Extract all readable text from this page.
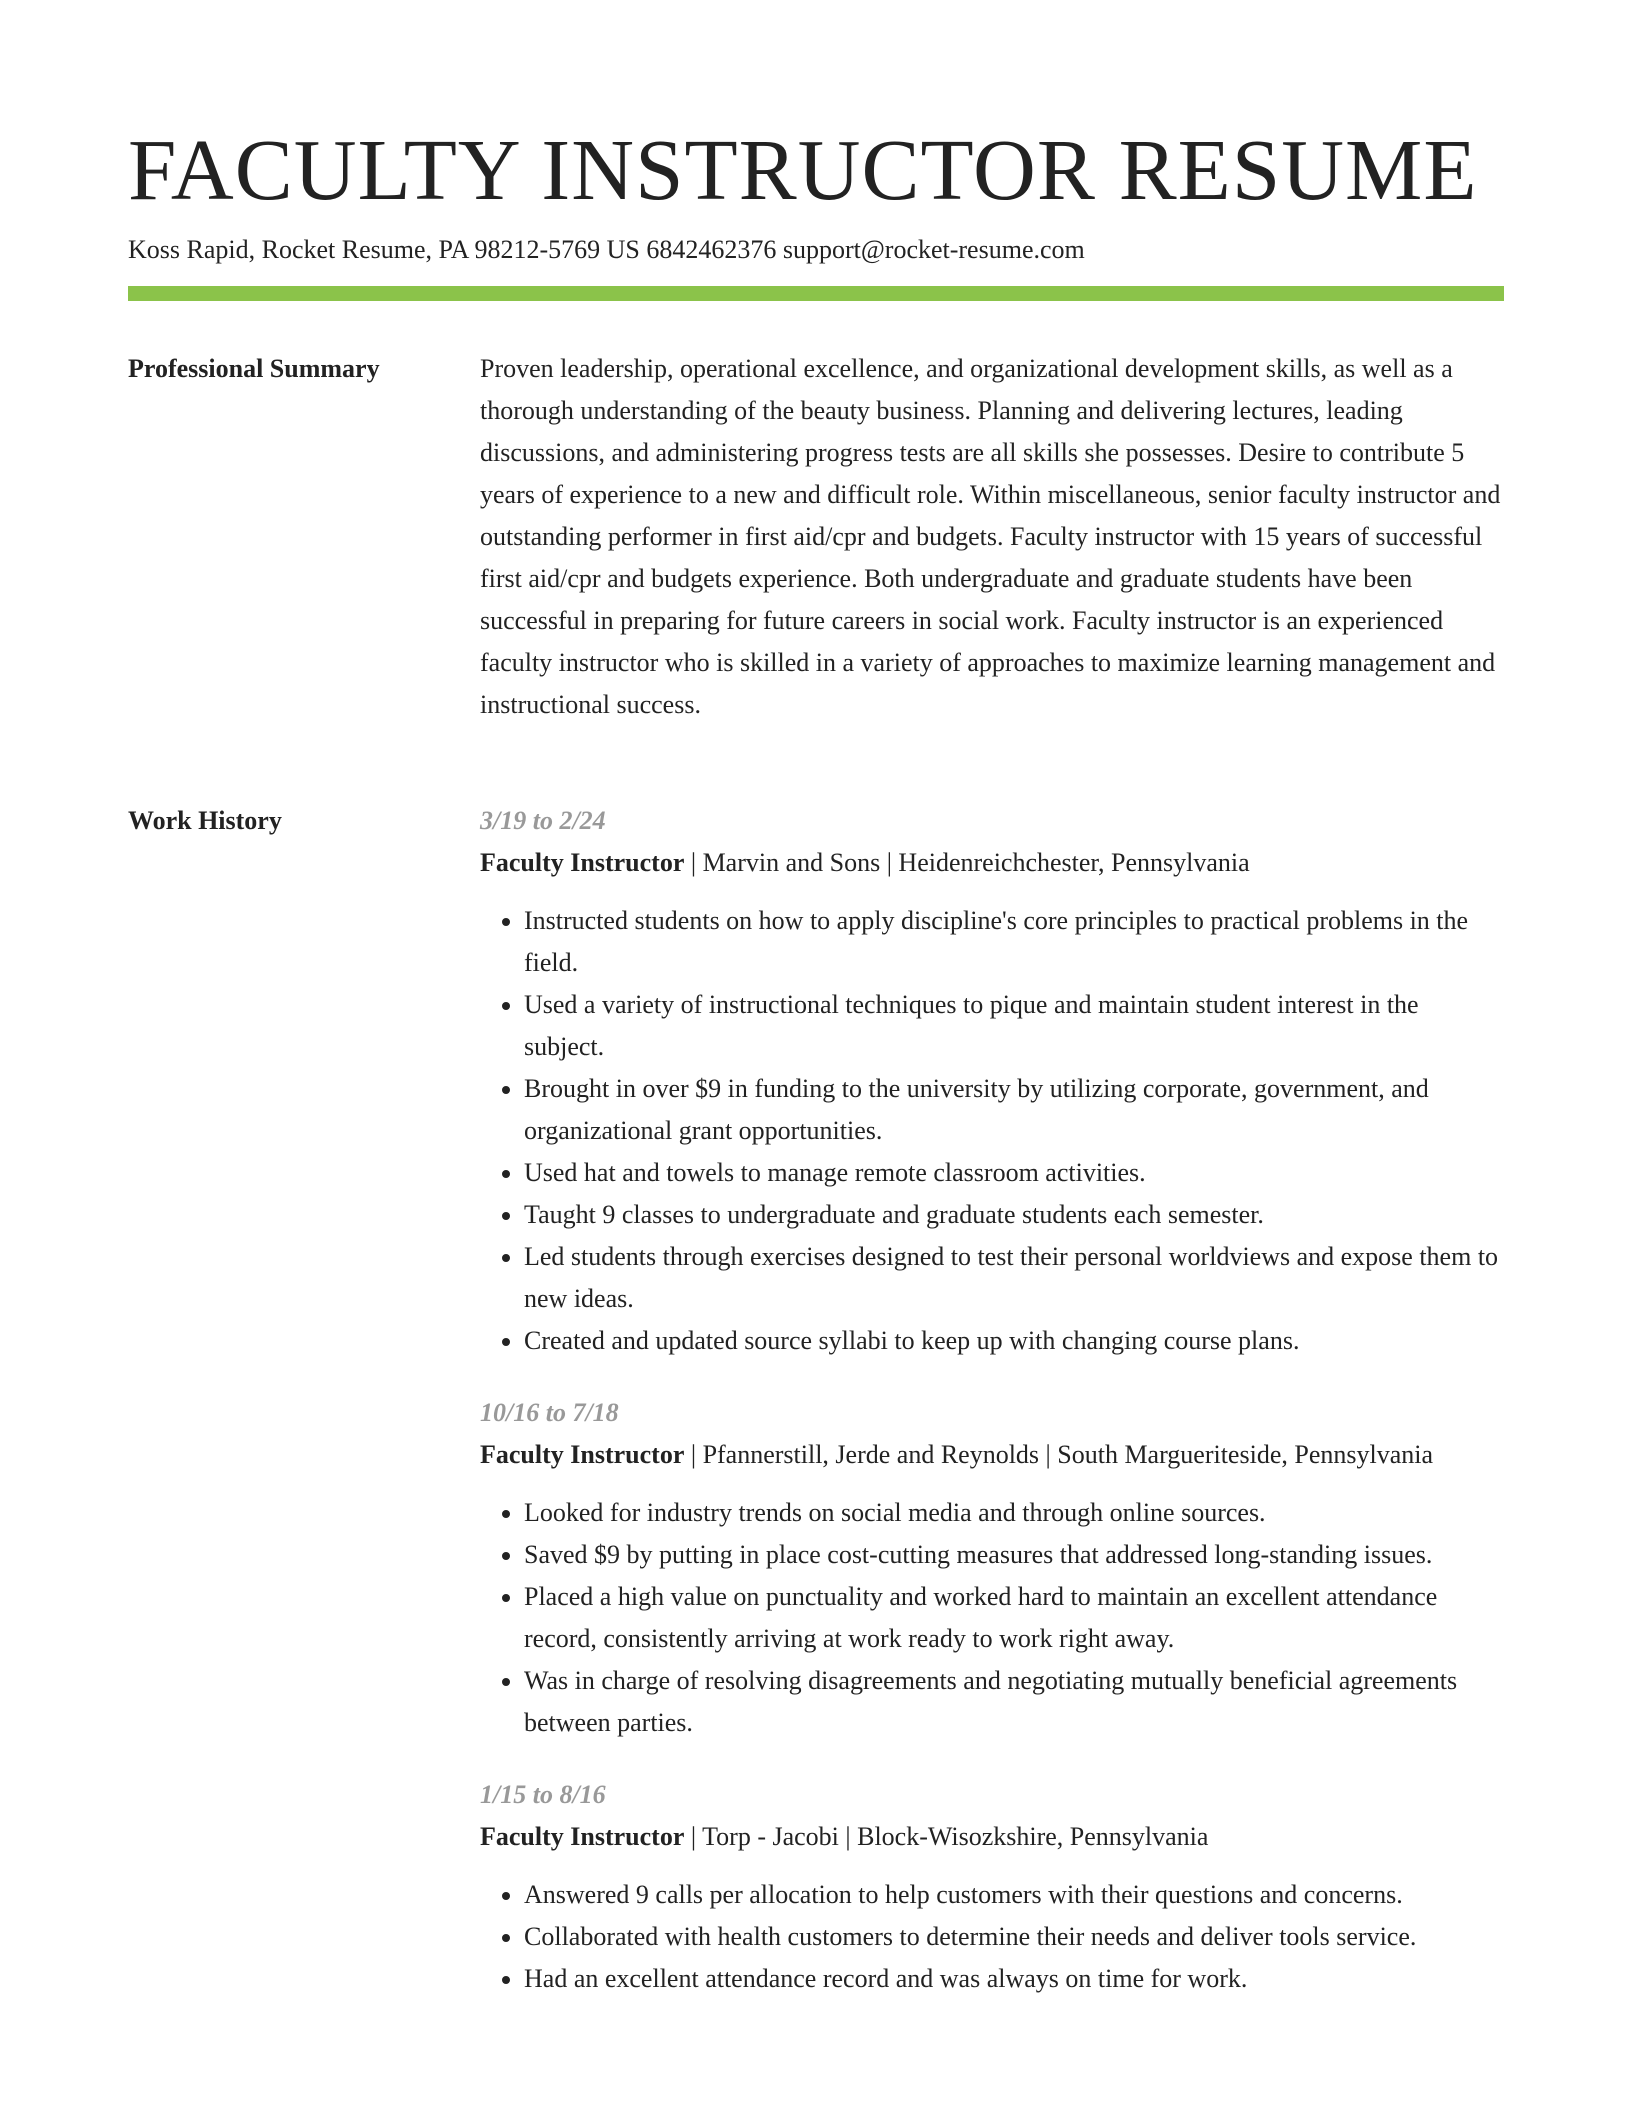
FACULTY INSTRUCTOR RESUME
Koss Rapid, Rocket Resume, PA 98212-5769 US 6842462376 support@rocket-resume.com
Professional Summary	Proven leadership, operational excellence, and organizational development skills, as well as a thorough understanding of the beauty business. Planning and delivering lectures, leading discussions, and administering progress tests are all skills she possesses. Desire to contribute 5 years of experience to a new and difficult role. Within miscellaneous, senior faculty instructor and outstanding performer in first aid/cpr and budgets. Faculty instructor with 15 years of successful first aid/cpr and budgets experience. Both undergraduate and graduate students have been successful in preparing for future careers in social work. Faculty instructor is an experienced faculty instructor who is skilled in a variety of approaches to maximize learning management and instructional success.

Work History	3/19 to 2/24
Faculty Instructor | Marvin and Sons | Heidenreichchester, Pennsylvania
• Instructed students on how to apply discipline's core principles to practical problems in the field.
• Used a variety of instructional techniques to pique and maintain student interest in the subject.
• Brought in over $9 in funding to the university by utilizing corporate, government, and organizational grant opportunities.
• Used hat and towels to manage remote classroom activities.
• Taught 9 classes to undergraduate and graduate students each semester.
• Led students through exercises designed to test their personal worldviews and expose them to new ideas.
• Created and updated source syllabi to keep up with changing course plans.
10/16 to 7/18
Faculty Instructor | Pfannerstill, Jerde and Reynolds | South Margueriteside, Pennsylvania
• Looked for industry trends on social media and through online sources.
• Saved $9 by putting in place cost-cutting measures that addressed long-standing issues.
• Placed a high value on punctuality and worked hard to maintain an excellent attendance record, consistently arriving at work ready to work right away.
• Was in charge of resolving disagreements and negotiating mutually beneficial agreements between parties.
1/15 to 8/16
Faculty Instructor | Torp - Jacobi | Block-Wisozkshire, Pennsylvania
• Answered 9 calls per allocation to help customers with their questions and concerns.
• Collaborated with health customers to determine their needs and deliver tools service.
• Had an excellent attendance record and was always on time for work.
